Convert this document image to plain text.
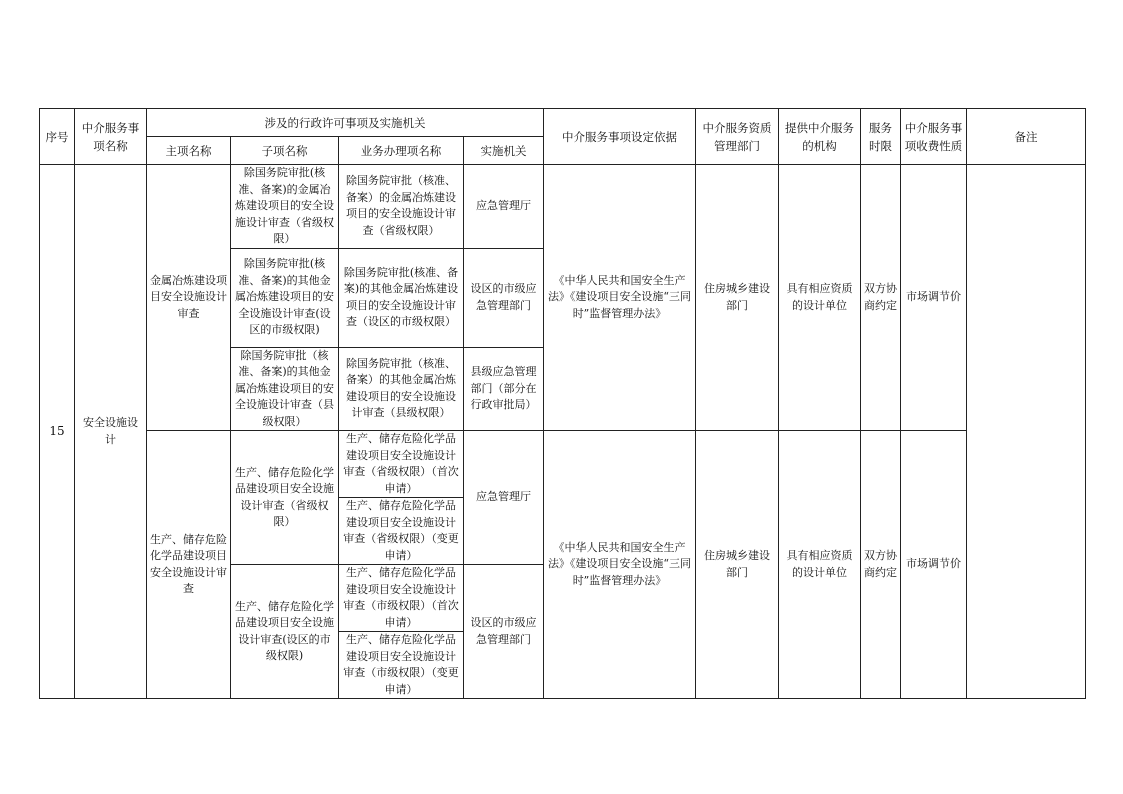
序号	中介服务事项名称	涉及的行政许可事项及实施机关				中介服务事项设定依据	中介服务资质管理部门	提供中介服务的机构	服务时限	中介服务事项收费性质	备注
		主项名称	子项名称	业务办理项名称	实施机关						
15	安全设施设计	金属冶炼建设项目安全设施设计审查	除国务院审批(核准、备案)的金属冶炼建设项目的安全设施设计审查（省级权限）	除国务院审批（核准、备案）的金属冶炼建设项目的安全设施设计审查（省级权限）	应急管理厅	《中华人民共和国安全生产法》《建设项目安全设施“三同时”监督管理办法》	住房城乡建设部门	具有相应资质的设计单位	双方协商约定	市场调节价	
			除国务院审批(核准、备案)的其他金属冶炼建设项目的安全设施设计审查(设区的市级权限)	除国务院审批(核准、备案)的其他金属冶炼建设项目的安全设施设计审查（设区的市级权限）	设区的市级应急管理部门						
			除国务院审批（核准、备案)的其他金属冶炼建设项目的安全设施设计审查（县级权限）	除国务院审批（核准、备案）的其他金属冶炼建设项目的安全设施设计审查（县级权限）	县级应急管理部门（部分在行政审批局）						
		生产、储存危险化学品建设项目安全设施设计审查	生产、储存危险化学品建设项目安全设施设计审查（省级权限）	生产、储存危险化学品建设项目安全设施设计审查（省级权限）（首次申请）	应急管理厅	《中华人民共和国安全生产法》《建设项目安全设施“三同时”监督管理办法》	住房城乡建设部门	具有相应资质的设计单位	双方协商约定	市场调节价	
				生产、储存危险化学品建设项目安全设施设计审查（省级权限）（变更申请）							
			生产、储存危险化学品建设项目安全设施设计审查(设区的市级权限)	生产、储存危险化学品建设项目安全设施设计审查（市级权限）（首次申请）	设区的市级应急管理部门						
				生产、储存危险化学品建设项目安全设施设计审查（市级权限）（变更申请）							
